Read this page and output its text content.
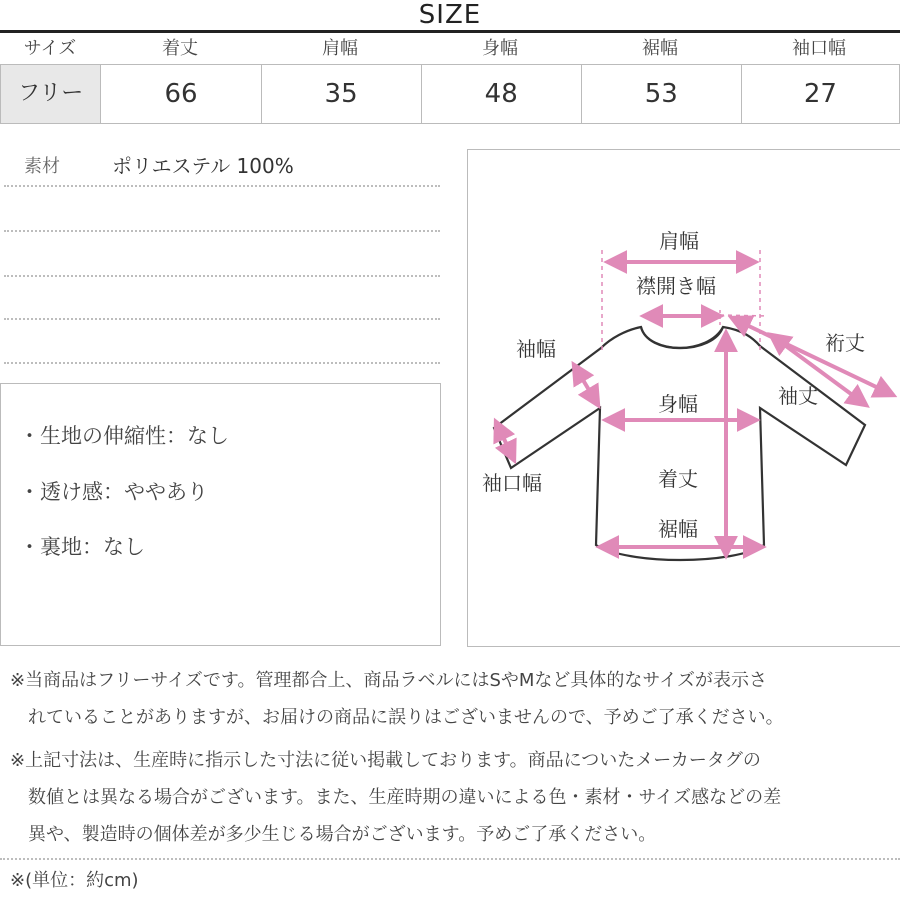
SIZE
サイズ	着丈	肩幅	身幅	裾幅	袖口幅
フリー	66	35	48	53	27
素材	ポリエステル 100%
・生地の伸縮性：なし
・透け感：ややあり
・裏地：なし
肩幅
襟開き幅
袖幅	裄丈
袖丈
身幅
袖口幅	着丈
裾幅
※当商品はフリーサイズです。管理都合上、商品ラベルにはSやMなど具体的なサイズが表示さ
れていることがありますが、お届けの商品に誤りはございませんので、予めご了承ください。
※上記寸法は、生産時に指示した寸法に従い掲載しております。商品についたメーカータグの
数値とは異なる場合がございます。また、生産時期の違いによる色・素材・サイズ感などの差
異や、製造時の個体差が多少生じる場合がございます。予めご了承ください。
※(単位：約cm)
